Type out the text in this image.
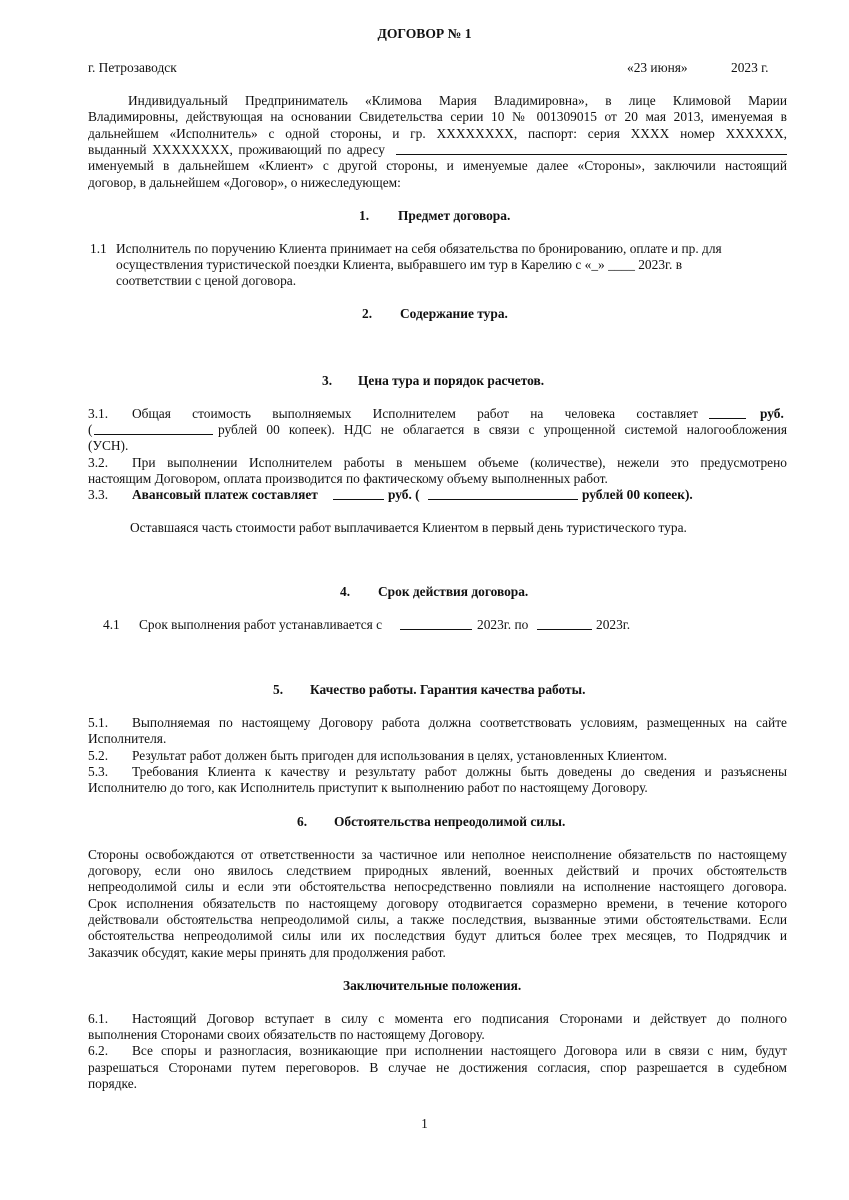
ДОГОВОР № 1
г. Петрозаводск	«23 июня»	2023 г.
Индивидуальный Предприниматель «Климова Мария Владимировна», в лице Климовой Марии
Владимировны, действующая на основании Свидетельства серии 10 № 001309015 от 20 мая 2013, именуемая в
дальнейшем «Исполнитель» с одной стороны, и гр. XXXXXXXX, паспорт: серия XXXX номер XXXXXX,
выданный XXXXXXXX, проживающий по адресу
именуемый в дальнейшем «Клиент» с другой стороны, и именуемые далее «Стороны», заключили настоящий
договор, в дальнейшем «Договор», о нижеследующем:
1. Предмет договора.
1.1 Исполнитель по поручению Клиента принимает на себя обязательства по бронированию, оплате и пр. для
осуществления туристической поездки Клиента, выбравшего им тур в Карелию с «_» ____ 2023г. в
соответствии с ценой договора.
2. Содержание тура.
3. Цена тура и порядок расчетов.
3.1. Общая стоимость выполняемых Исполнителем работ на человека составляет	руб.
(	рублей 00 копеек). НДС не облагается в связи с упрощенной системой налогообложения
(УСН).
3.2. При выполнении Исполнителем работы в меньшем объеме (количестве), нежели это предусмотрено
настоящим Договором, оплата производится по фактическому объему выполненных работ.
3.3. Авансовый платеж составляет	руб. (	рублей 00 копеек).
Оставшаяся часть стоимости работ выплачивается Клиентом в первый день туристического тура.
4. Срок действия договора.
4.1 Срок выполнения работ устанавливается с	2023г. по	2023г.
5. Качество работы. Гарантия качества работы.
5.1. Выполняемая по настоящему Договору работа должна соответствовать условиям, размещенных на сайте
Исполнителя.
5.2. Результат работ должен быть пригоден для использования в целях, установленных Клиентом.
5.3. Требования Клиента к качеству и результату работ должны быть доведены до сведения и разъяснены
Исполнителю до того, как Исполнитель приступит к выполнению работ по настоящему Договору.
6. Обстоятельства непреодолимой силы.
Стороны освобождаются от ответственности за частичное или неполное неисполнение обязательств по настоящему
договору, если оно явилось следствием природных явлений, военных действий и прочих обстоятельств
непреодолимой силы и если эти обстоятельства непосредственно повлияли на исполнение настоящего договора.
Срок исполнения обязательств по настоящему договору отодвигается соразмерно времени, в течение которого
действовали обстоятельства непреодолимой силы, а также последствия, вызванные этими обстоятельствами. Если
обстоятельства непреодолимой силы или их последствия будут длиться более трех месяцев, то Подрядчик и
Заказчик обсудят, какие меры принять для продолжения работ.
Заключительные положения.
6.1. Настоящий Договор вступает в силу с момента его подписания Сторонами и действует до полного
выполнения Сторонами своих обязательств по настоящему Договору.
6.2. Все споры и разногласия, возникающие при исполнении настоящего Договора или в связи с ним, будут
разрешаться Сторонами путем переговоров. В случае не достижения согласия, спор разрешается в судебном
порядке.
1
